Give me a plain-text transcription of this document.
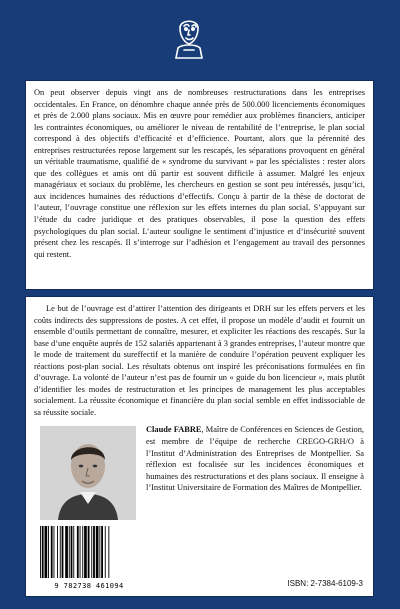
On peut observer depuis vingt ans de nombreuses restructurations dans les entreprises occidentales. En France, on dénombre chaque année près de 500.000 licenciements économiques et près de 2.000 plans sociaux. Mis en œuvre pour remédier aux problèmes financiers, anticiper les contraintes économiques, ou améliorer le niveau de rentabilité de l’entreprise, le plan social correspond à des objectifs d’efficacité et d’efficience. Pourtant, alors que la pérennité des entreprises restructurées repose largement sur les rescapés, les séparations provoquent en général un véritable traumatisme, qualifié de « syndrome du survivant » par les spécialistes : rester alors que des collègues et amis ont dû partir est souvent difficile à assumer. Malgré les enjeux managériaux et sociaux du problème, les chercheurs en gestion se sont peu intéressés, jusqu’ici, aux incidences humaines des réductions d’effectifs. Conçu à partir de la thèse de doctorat de l’auteur, l’ouvrage constitue une réflexion sur les effets internes du plan social. S’appuyant sur l’étude du cadre juridique et des pratiques observables, il pose la question des effets psychologiques du plan social. L’auteur souligne le sentiment d’injustice et d’insécurité souvent présent chez les rescapés. Il s’interroge sur l’adhésion et l’engagement au travail des personnes qui restent.

Le but de l’ouvrage est d’attirer l’attention des dirigeants et DRH sur les effets pervers et les coûts indirects des suppressions de postes. A cet effet, il propose un modèle d’audit et fournit un ensemble d’outils permettant de connaître, mesurer, et expliciter les réactions des rescapés. Sur la base d’une enquête auprès de 152 salariés appartenant à 3 grandes entreprises, l’auteur montre que le mode de traitement du sureffectif et la manière de conduire l’opération peuvent expliquer les réactions post-plan social. Les résultats obtenus ont inspiré les préconisations formulées en fin d’ouvrage. La volonté de l’auteur n’est pas de fournir un « guide du bon licencieur », mais plutôt d’identifier les modes de restructuration et les principes de management les plus acceptables socialement. La réussite économique et financière du plan social semble en effet indissociable de sa réussite sociale.

Claude FABRE, Maître de Conférences en Sciences de Gestion, est membre de l’équipe de recherche CREGO-GRH/O à l’Institut d’Administration des Entreprises de Montpellier. Sa réflexion est focalisée sur les incidences économiques et humaines des restructurations et des plans sociaux. Il enseigne à l’Institut Universitaire de Formation des Maîtres de Montpellier.
9 782738 461094	ISBN: 2-7384-6109-3
